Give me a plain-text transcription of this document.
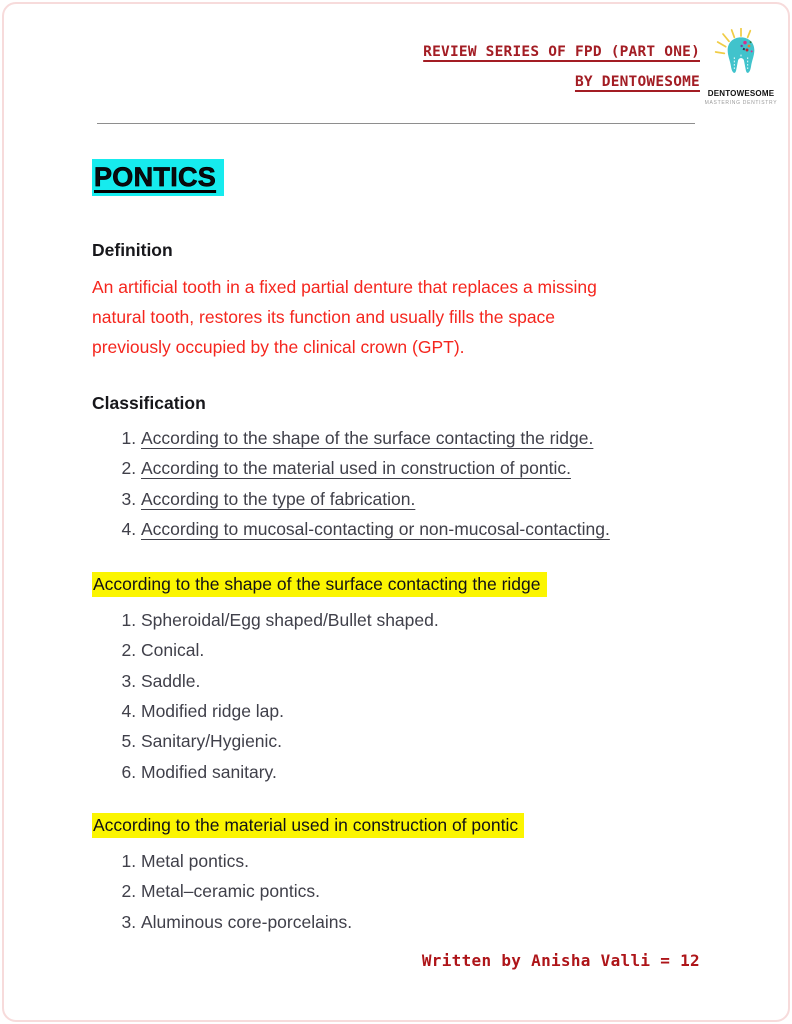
REVIEW SERIES OF FPD (PART ONE)
BY DENTOWESOME
DENTOWESOME
MASTERING DENTISTRY
PONTICS
Definition

An artificial tooth in a fixed partial denture that replaces a missing
natural tooth, restores its function and usually fills the space
previously occupied by the clinical crown (GPT).

Classification
1. According to the shape of the surface contacting the ridge.
2. According to the material used in construction of pontic.
3. According to the type of fabrication.
4. According to mucosal-contacting or non-mucosal-contacting.
According to the shape of the surface contacting the ridge
1. Spheroidal/Egg shaped/Bullet shaped.
2. Conical.
3. Saddle.
4. Modified ridge lap.
5. Sanitary/Hygienic.
6. Modified sanitary.
According to the material used in construction of pontic
1. Metal pontics.
2. Metal–ceramic pontics.
3. Aluminous core-porcelains.
Written by Anisha Valli = 12
